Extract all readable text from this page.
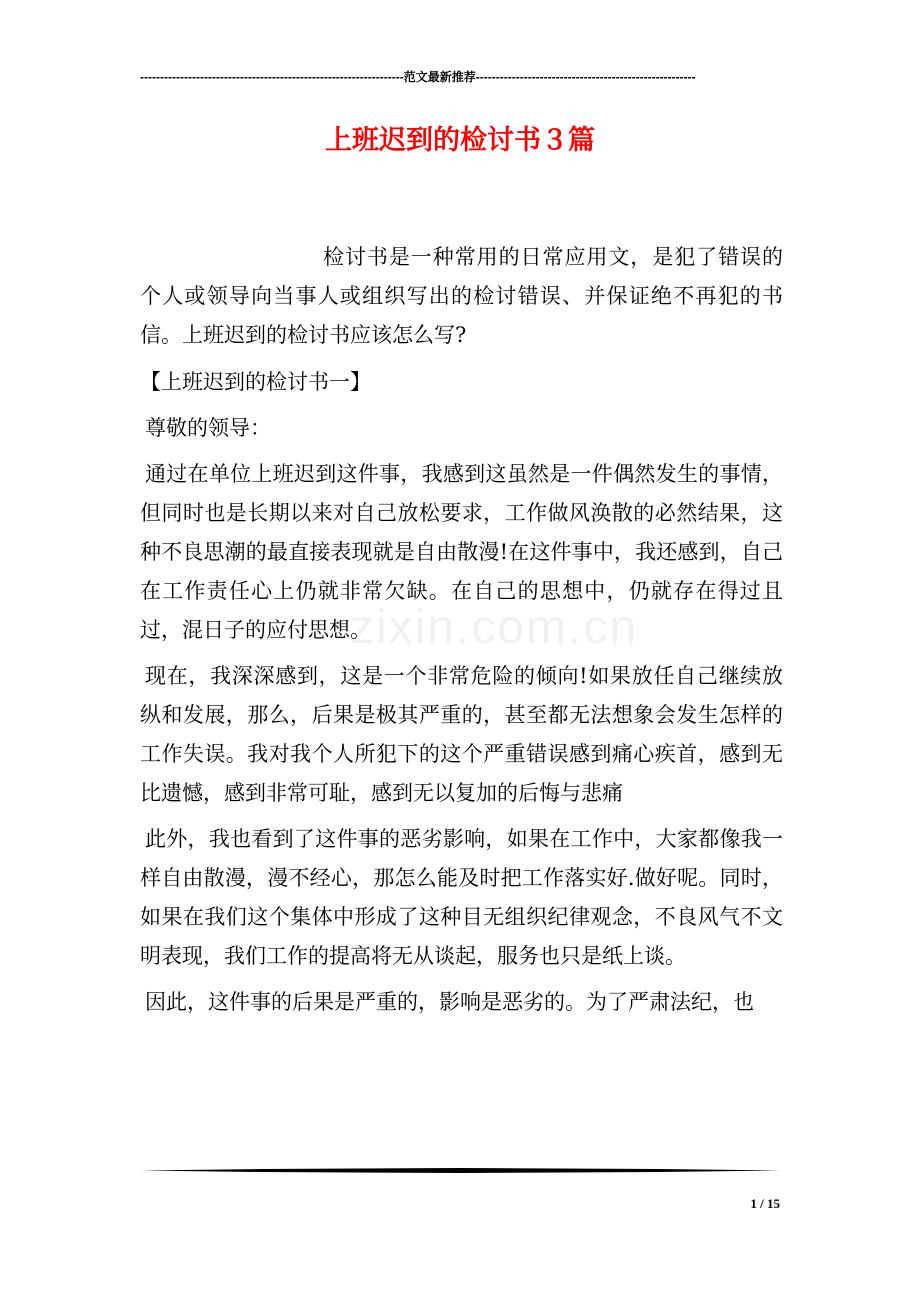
------------------------------------------------------------------范文最新推荐-------------------------------------------------------
上班迟到的检讨书３篇
zixin.com.cn

检讨书是一种常用的日常应用文，是犯了错误的个人或领导向当事人或组织写出的检讨错误、并保证绝不再犯的书信。上班迟到的检讨书应该怎么写?

【上班迟到的检讨书一】

尊敬的领导：

通过在单位上班迟到这件事，我感到这虽然是一件偶然发生的事情，但同时也是长期以来对自己放松要求，工作做风涣散的必然结果，这种不良思潮的最直接表现就是自由散漫!在这件事中，我还感到，自己在工作责任心上仍就非常欠缺。在自己的思想中，仍就存在得过且过，混日子的应付思想。

现在，我深深感到，这是一个非常危险的倾向!如果放任自己继续放纵和发展，那么，后果是极其严重的，甚至都无法想象会发生怎样的工作失误。我对我个人所犯下的这个严重错误感到痛心疾首，感到无比遗憾，感到非常可耻，感到无以复加的后悔与悲痛

此外，我也看到了这件事的恶劣影响，如果在工作中，大家都像我一样自由散漫，漫不经心，那怎么能及时把工作落实好.做好呢。同时，如果在我们这个集体中形成了这种目无组织纪律观念，不良风气不文明表现，我们工作的提高将无从谈起，服务也只是纸上谈。

因此，这件事的后果是严重的，影响是恶劣的。为了严肃法纪，也

1 / 15
